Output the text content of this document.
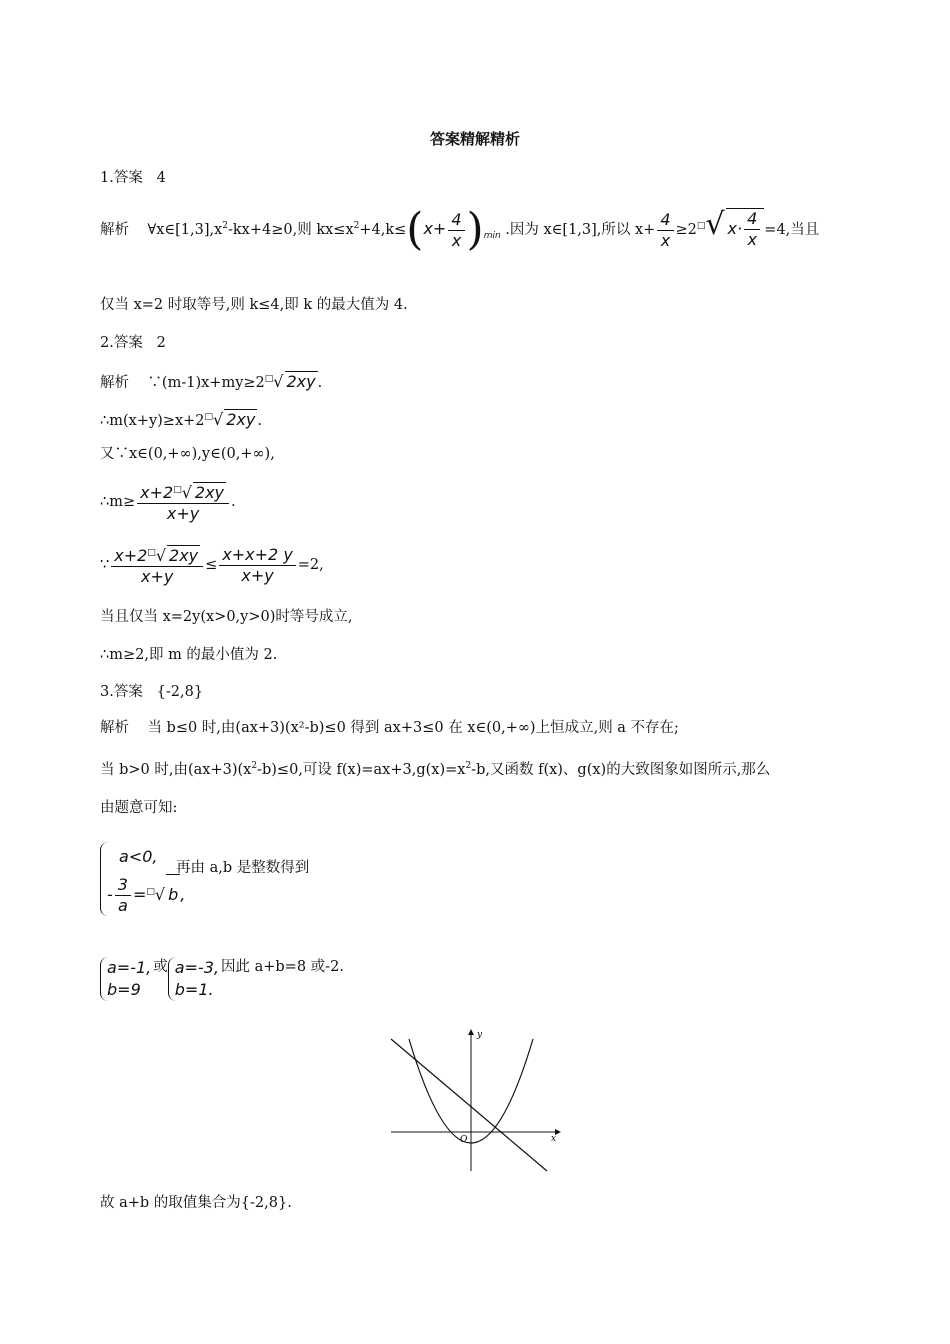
答案精解精析
1.答案 4
解析 $\forall x\in[1,3],x^2-kx+4\ge 0$,则 $kx\le x^2+4,k\le(x+ \frac{4}{x} )_{min}$ .因为 x∈[1,3],所以 $x+ \frac{4}{x} \ge 2^□√$ $x\cdot \frac{4}{x} =4$,当且
仅当 x=2 时取等号,则 k≤4,即 k 的最大值为 4.
2.答案 2
解析 ∵(m-1)x+my≥2□√ 2xy .
∴m(x+y)≥x+2□√ 2xy .
又∵x∈(0,+∞),y∈(0,+∞),
∴m≥ $\frac{x+2^□√ 2xy}{x+y}$ .
∵ $\frac{x+2^□√ 2xy}{x+y} \le \frac{x+x+2 y}{x+y} =2$,
当且仅当 x=2y(x>0,y>0)时等号成立,
∴m≥2,即 m 的最小值为 2.
3.答案 {-2,8}
解析 当 b≤0 时,由(ax+3)(x²-b)≤0 得到 ax+3≤0 在 x∈(0,+∞)上恒成立,则 a 不存在;
当 b>0 时,由$(ax+3)(x^2-b)\le 0$,可设 $f(x)=ax+3,g(x)=x^2-b$,又函数 f(x)、g(x)的大致图象如图所示,那么
由题意可知:
a<0,
- $\frac{3}{a} =^□√$ b ,
再由 a,b 是整数得到
a=-1,
b=9
或 a=-3,
b=1.
因此 a+b=8 或-2.
y
x
O
故 a+b 的取值集合为{-2,8}.
